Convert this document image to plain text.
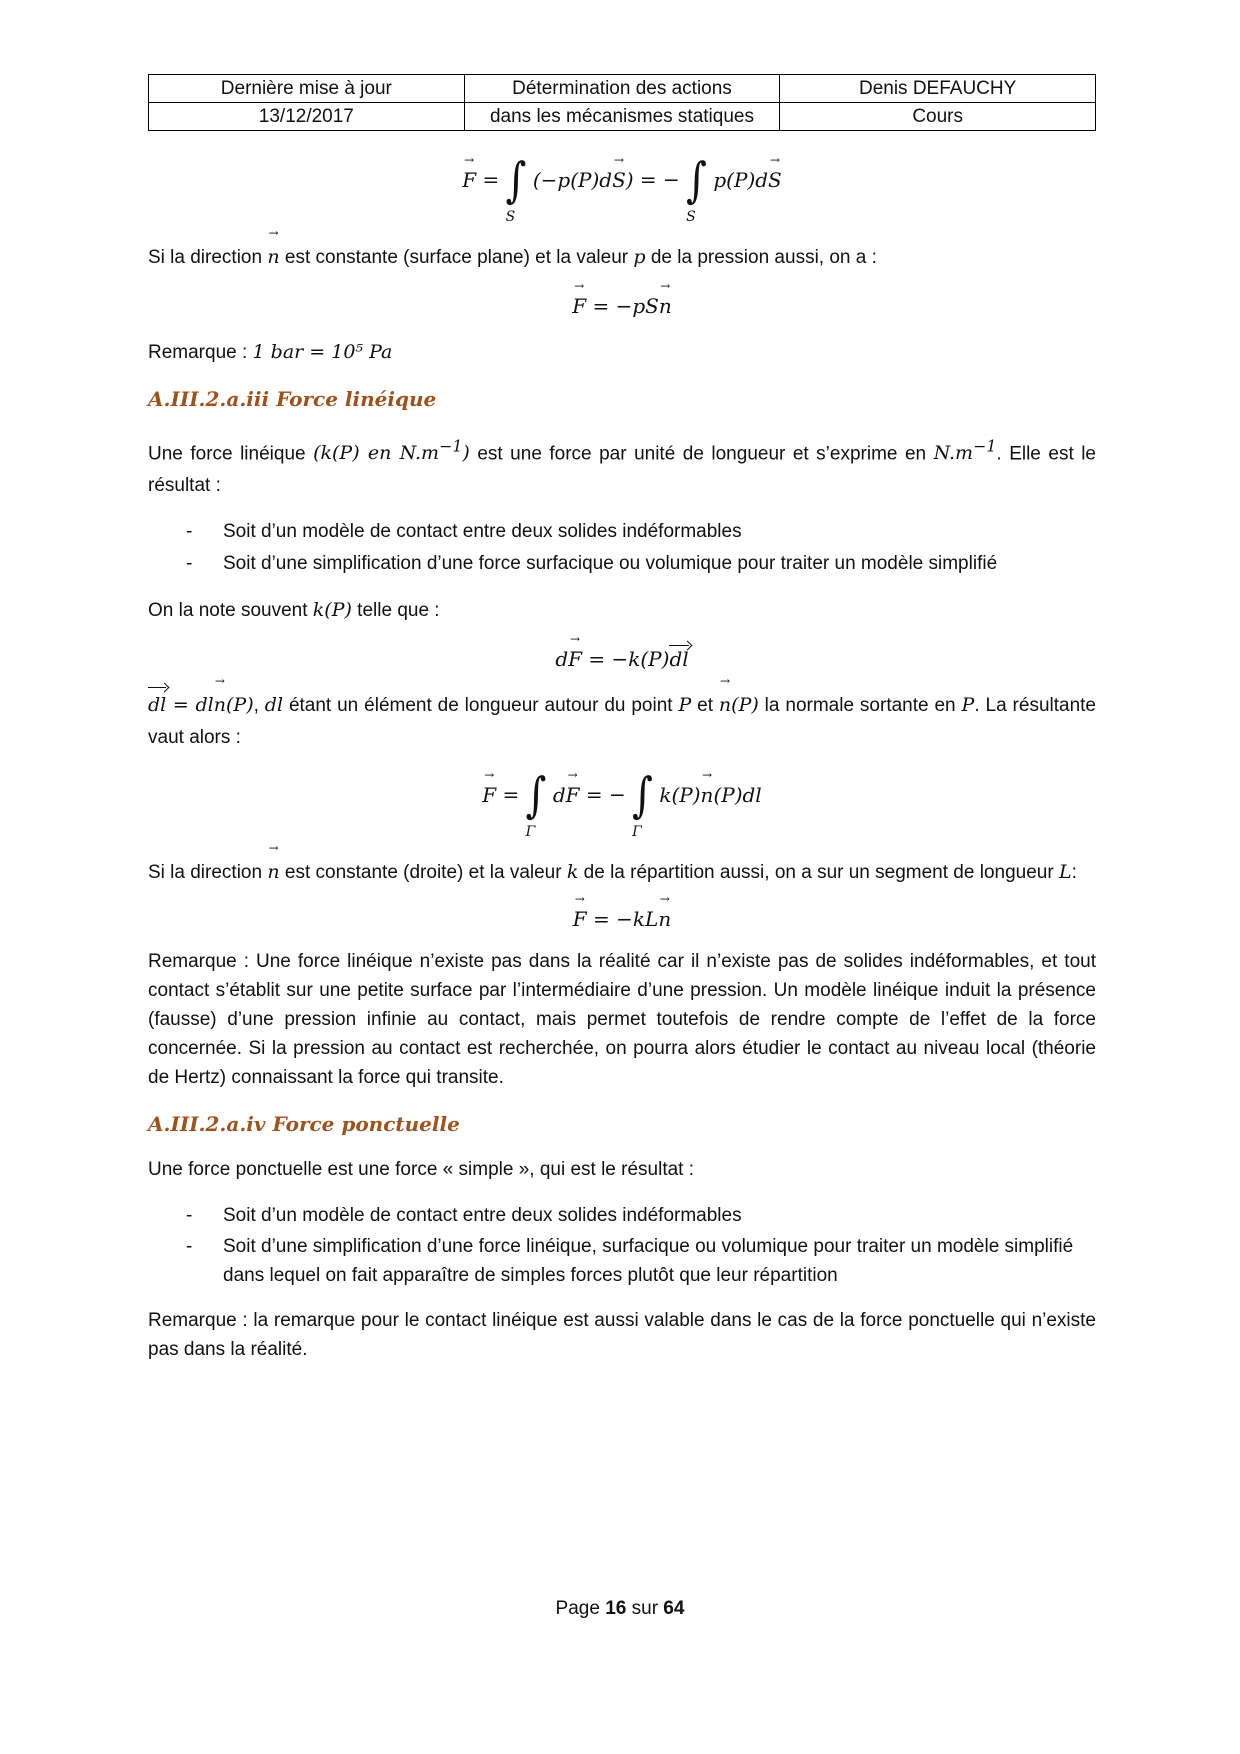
Dernière mise à jour	Détermination des actions	Denis DEFAUCHY
13/12/2017	dans les mécanismes statiques	Cours
→ F = ∫
S
(−p(P)d→ S) = − ∫
S
p(P)d→ S

Si la direction → n est constante (surface plane) et la valeur p de la pression aussi, on a :

→ F = −pS→ n

Remarque : 1 bar = 10⁵ Pa

A.III.2.a.iii Force linéique

Une force linéique (k(P) en $N.m^{-1}$) est une force par unité de longueur et s’exprime en $N.m^{-1}$. Elle est le résultat :

- Soit d’un modèle de contact entre deux solides indéformables
- Soit d’une simplification d’une force surfacique ou volumique pour traiter un modèle simplifié

On la note souvent k(P) telle que :

d→ F = −k(P)dl

dl = dl→ n(P), dl étant un élément de longueur autour du point P et → n(P) la normale sortante en P. La résultante vaut alors :

→ F = ∫
Γ
d→ F = − ∫
Γ
k(P)→ n(P)dl

Si la direction → n est constante (droite) et la valeur k de la répartition aussi, on a sur un segment de longueur L:

→ F = −kL→ n

Remarque : Une force linéique n’existe pas dans la réalité car il n’existe pas de solides indéformables, et tout contact s’établit sur une petite surface par l’intermédiaire d’une pression. Un modèle linéique induit la présence (fausse) d’une pression infinie au contact, mais permet toutefois de rendre compte de l’effet de la force concernée. Si la pression au contact est recherchée, on pourra alors étudier le contact au niveau local (théorie de Hertz) connaissant la force qui transite.

A.III.2.a.iv Force ponctuelle

Une force ponctuelle est une force « simple », qui est le résultat :

- Soit d’un modèle de contact entre deux solides indéformables
- Soit d’une simplification d’une force linéique, surfacique ou volumique pour traiter un modèle simplifié dans lequel on fait apparaître de simples forces plutôt que leur répartition

Remarque : la remarque pour le contact linéique est aussi valable dans le cas de la force ponctuelle qui n’existe pas dans la réalité.

Page 16 sur 64
